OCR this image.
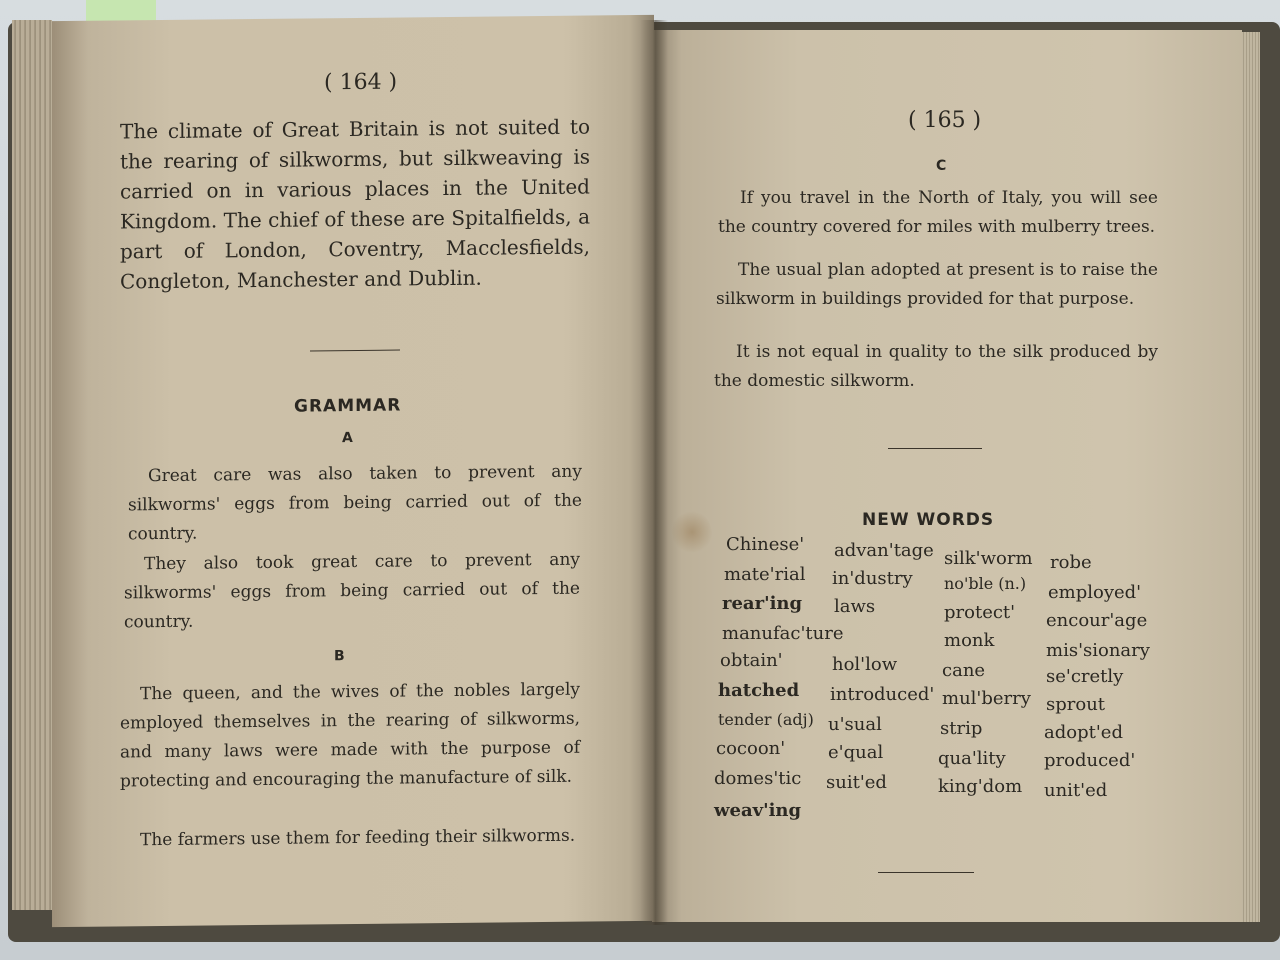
( 164 )
The climate of Great Britain is not suited to the rearing of silkworms, but silkweaving is carried on in various places in the United Kingdom. The chief of these are Spitalfields, a part of London, Coventry, Macclesfields, Congleton, Manchester and Dublin.
GRAMMAR
A
Great care was also taken to prevent any silkworms' eggs from being carried out of the country.
They also took great care to prevent any silkworms' eggs from being carried out of the country.
B
The queen, and the wives of the nobles largely employed themselves in the rearing of silkworms, and many laws were made with the purpose of protecting and encouraging the manufacture of silk.
The farmers use them for feeding their silkworms.
( 165 )
C
If you travel in the North of Italy, you will see the country covered for miles with mulberry trees.
The usual plan adopted at present is to raise the silkworm in buildings provided for that purpose.
It is not equal in quality to the silk produced by the domestic silkworm.
NEW WORDS
Chinese'
mate'rial
rear'ing
manufac'ture
obtain'
hatched
tender (adj)
cocoon'
domes'tic
weav'ing
advan'tage
in'dustry
laws
hol'low
introduced'
u'sual
e'qual
suit'ed
silk'worm
no'ble (n.)
protect'
monk
cane
mul'berry
strip
qua'lity
king'dom
robe
employed'
encour'age
mis'sionary
se'cretly
sprout
adopt'ed
produced'
unit'ed
